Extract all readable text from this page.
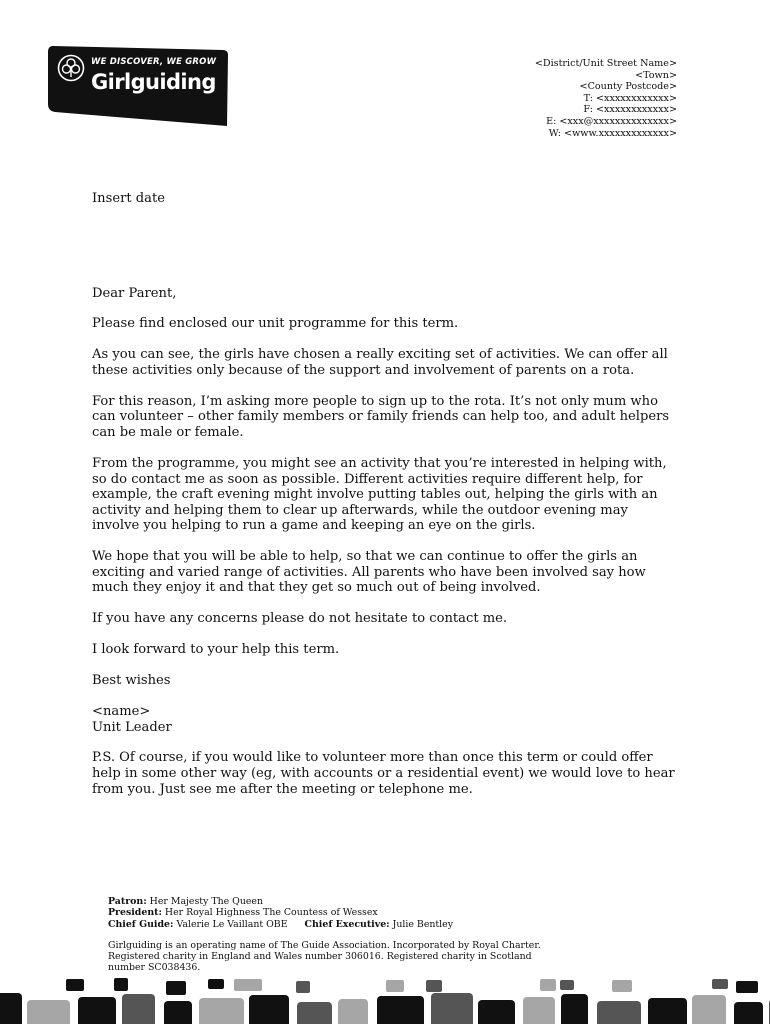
WE DISCOVER, WE GROW
Girlguiding
<District/Unit Street Name>
<Town>
<County Postcode>
T: <xxxxxxxxxxxx>
F: <xxxxxxxxxxxx>
E: <xxx@xxxxxxxxxxxxxx>
W: <www.xxxxxxxxxxxxx>

Insert date

Dear Parent,

Please find enclosed our unit programme for this term.

As you can see, the girls have chosen a really exciting set of activities. We can offer all these activities only because of the support and involvement of parents on a rota.

For this reason, I’m asking more people to sign up to the rota. It’s not only mum who can volunteer – other family members or family friends can help too, and adult helpers can be male or female.

From the programme, you might see an activity that you’re interested in helping with, so do contact me as soon as possible. Different activities require different help, for example, the craft evening might involve putting tables out, helping the girls with an activity and helping them to clear up afterwards, while the outdoor evening may involve you helping to run a game and keeping an eye on the girls.

We hope that you will be able to help, so that we can continue to offer the girls an exciting and varied range of activities. All parents who have been involved say how much they enjoy it and that they get so much out of being involved.

If you have any concerns please do not hesitate to contact me.

I look forward to your help this term.

Best wishes

<name>
Unit Leader

P.S. Of course, if you would like to volunteer more than once this term or could offer help in some other way (eg, with accounts or a residential event) we would love to hear from you. Just see me after the meeting or telephone me.

Patron: Her Majesty The Queen
President: Her Royal Highness The Countess of Wessex
Chief Guide: Valerie Le Vaillant OBE Chief Executive: Julie Bentley
Girlguiding is an operating name of The Guide Association. Incorporated by Royal Charter.
Registered charity in England and Wales number 306016. Registered charity in Scotland
number SC038436.
